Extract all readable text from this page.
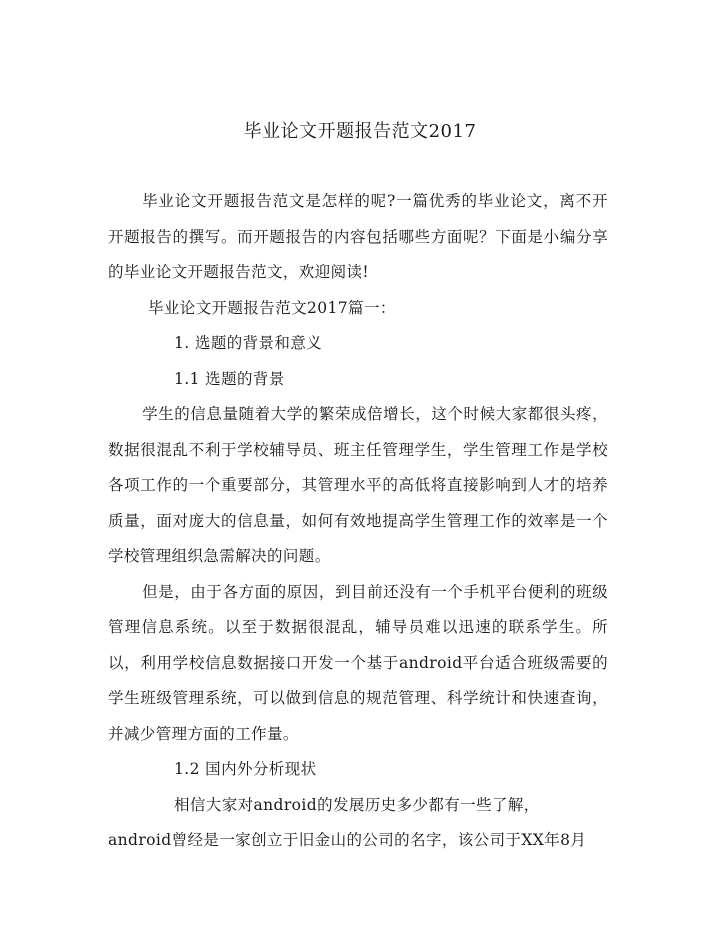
毕业论文开题报告范文2017

毕业论文开题报告范文是怎样的呢?一篇优秀的毕业论文，离不开开题报告的撰写。而开题报告的内容包括哪些方面呢？下面是小编分享的毕业论文开题报告范文，欢迎阅读!

毕业论文开题报告范文2017篇一：

1. 选题的背景和意义

1.1 选题的背景

学生的信息量随着大学的繁荣成倍增长，这个时候大家都很头疼，数据很混乱不利于学校辅导员、班主任管理学生，学生管理工作是学校各项工作的一个重要部分，其管理水平的高低将直接影响到人才的培养质量，面对庞大的信息量，如何有效地提高学生管理工作的效率是一个学校管理组织急需解决的问题。

但是，由于各方面的原因，到目前还没有一个手机平台便利的班级管理信息系统。以至于数据很混乱，辅导员难以迅速的联系学生。所以，利用学校信息数据接口开发一个基于android平台适合班级需要的学生班级管理系统，可以做到信息的规范管理、科学统计和快速查询，并减少管理方面的工作量。

1.2 国内外分析现状

相信大家对android的发展历史多少都有一些了解，

android曾经是一家创立于旧金山的公司的名字，该公司于XX年8月
